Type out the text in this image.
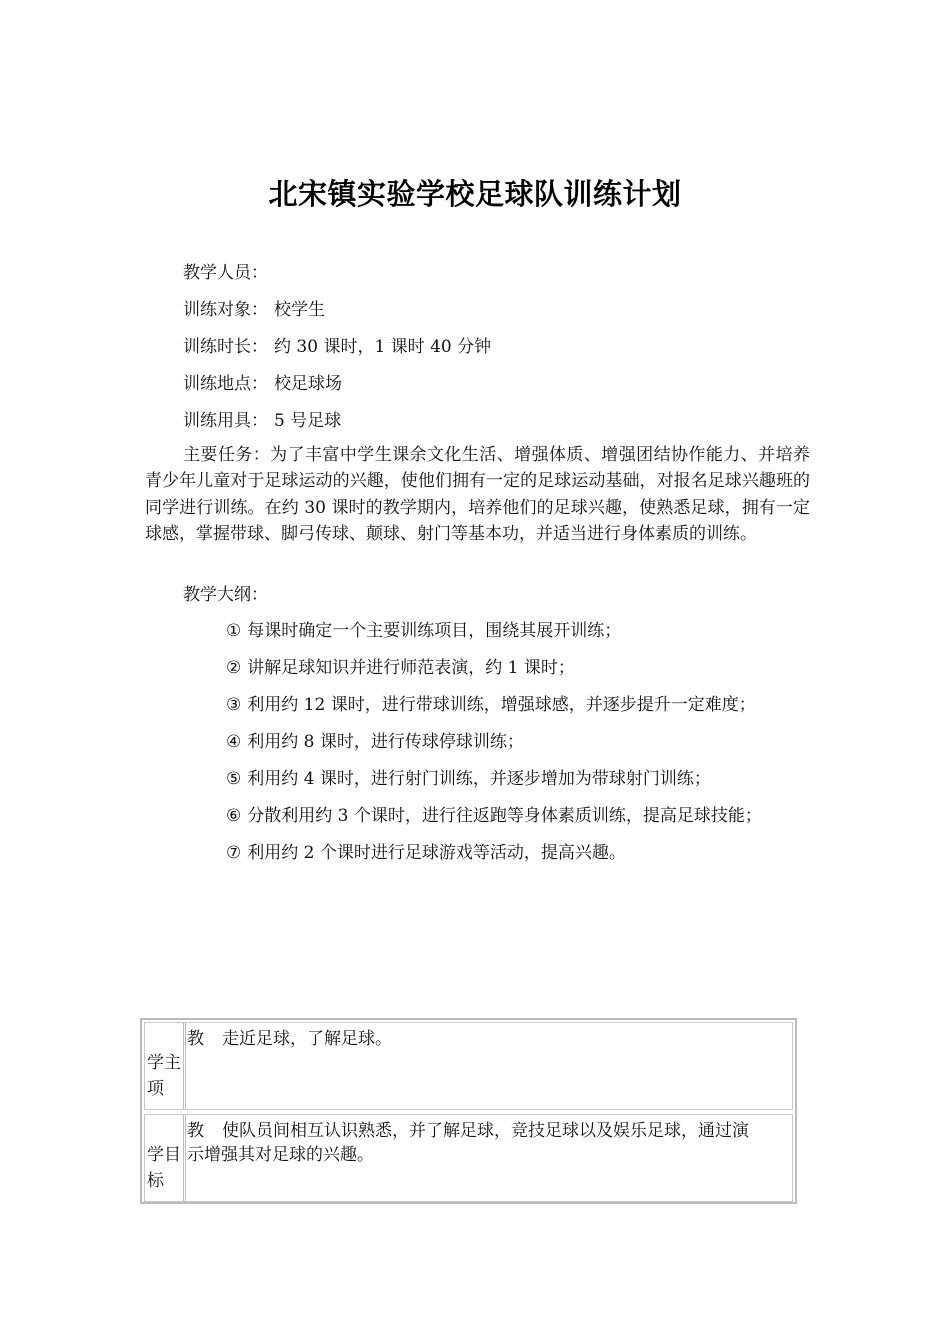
北宋镇实验学校足球队训练计划
教学人员：
训练对象： 校学生
训练时长： 约 30 课时，1 课时 40 分钟
训练地点： 校足球场
训练用具： 5 号足球
主要任务：为了丰富中学生课余文化生活、增强体质、增强团结协作能力、并培养青少年儿童对于足球运动的兴趣，使他们拥有一定的足球运动基础，对报名足球兴趣班的同学进行训练。在约 30 课时的教学期内，培养他们的足球兴趣，使熟悉足球，拥有一定球感，掌握带球、脚弓传球、颠球、射门等基本功，并适当进行身体素质的训练。
教学大纲：
① 每课时确定一个主要训练项目，围绕其展开训练；
② 讲解足球知识并进行师范表演，约 1 课时；
③ 利用约 12 课时，进行带球训练，增强球感，并逐步提升一定难度；
④ 利用约 8 课时，进行传球停球训练；
⑤ 利用约 4 课时，进行射门训练，并逐步增加为带球射门训练；
⑥ 分散利用约 3 个课时，进行往返跑等身体素质训练，提高足球技能；
⑦ 利用约 2 个课时进行足球游戏等活动，提高兴趣。
学主
项
教 走近足球，了解足球。
学目
标
教 使队员间相互认识熟悉，并了解足球，竞技足球以及娱乐足球，通过演
示增强其对足球的兴趣。
